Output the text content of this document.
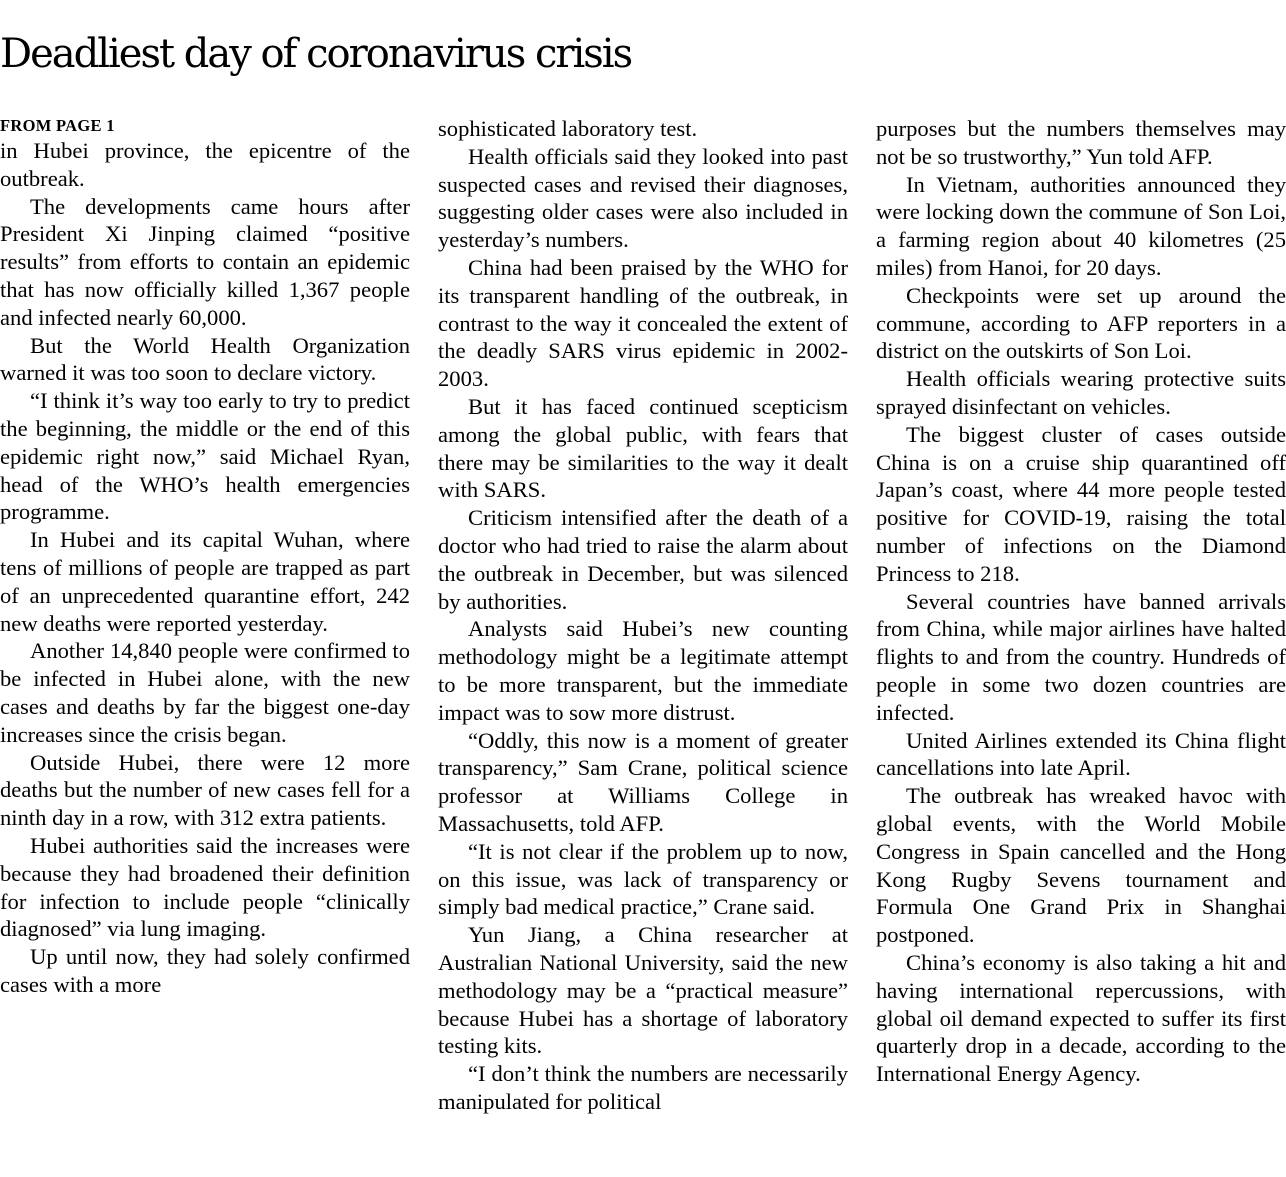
Deadliest day of coronavirus crisis
FROM PAGE 1

in Hubei province, the epicentre of the outbreak.

The developments came hours after President Xi Jinping claimed “positive results” from efforts to contain an epidemic that has now officially killed 1,367 people and infected nearly 60,000.

But the World Health Organization warned it was too soon to declare victory.

“I think it’s way too early to try to predict the beginning, the middle or the end of this epidemic right now,” said Michael Ryan, head of the WHO’s health emergencies programme.

In Hubei and its capital Wuhan, where tens of millions of people are trapped as part of an unprecedented quarantine effort, 242 new deaths were reported yesterday.

Another 14,840 people were confirmed to be infected in Hubei alone, with the new cases and deaths by far the biggest one-day increases since the crisis began.

Outside Hubei, there were 12 more deaths but the number of new cases fell for a ninth day in a row, with 312 extra patients.

Hubei authorities said the increases were because they had broadened their definition for infection to include people “clinically diagnosed” via lung imaging.

Up until now, they had solely confirmed cases with a more

sophisticated laboratory test.

Health officials said they looked into past suspected cases and revised their diagnoses, suggesting older cases were also included in yesterday’s numbers.

China had been praised by the WHO for its transparent handling of the outbreak, in contrast to the way it concealed the extent of the deadly SARS virus epidemic in 2002-2003.

But it has faced continued scepticism among the global public, with fears that there may be similarities to the way it dealt with SARS.

Criticism intensified after the death of a doctor who had tried to raise the alarm about the outbreak in December, but was silenced by authorities.

Analysts said Hubei’s new counting methodology might be a legitimate attempt to be more transparent, but the immediate impact was to sow more distrust.

“Oddly, this now is a moment of greater transparency,” Sam Crane, political science professor at Williams College in Massachusetts, told AFP.

“It is not clear if the problem up to now, on this issue, was lack of transparency or simply bad medical practice,” Crane said.

Yun Jiang, a China researcher at Australian National University, said the new methodology may be a “practical measure” because Hubei has a shortage of laboratory testing kits.

“I don’t think the numbers are necessarily manipulated for political

purposes but the numbers themselves may not be so trustworthy,” Yun told AFP.

In Vietnam, authorities announced they were locking down the commune of Son Loi, a farming region about 40 kilometres (25 miles) from Hanoi, for 20 days.

Checkpoints were set up around the commune, according to AFP reporters in a district on the outskirts of Son Loi.

Health officials wearing protective suits sprayed disinfectant on vehicles.

The biggest cluster of cases outside China is on a cruise ship quarantined off Japan’s coast, where 44 more people tested positive for COVID-19, raising the total number of infections on the Diamond Princess to 218.

Several countries have banned arrivals from China, while major airlines have halted flights to and from the country. Hundreds of people in some two dozen countries are infected.

United Airlines extended its China flight cancellations into late April.

The outbreak has wreaked havoc with global events, with the World Mobile Congress in Spain cancelled and the Hong Kong Rugby Sevens tournament and Formula One Grand Prix in Shanghai postponed.

China’s economy is also taking a hit and having international repercussions, with global oil demand expected to suffer its first quarterly drop in a decade, according to the International Energy Agency.
